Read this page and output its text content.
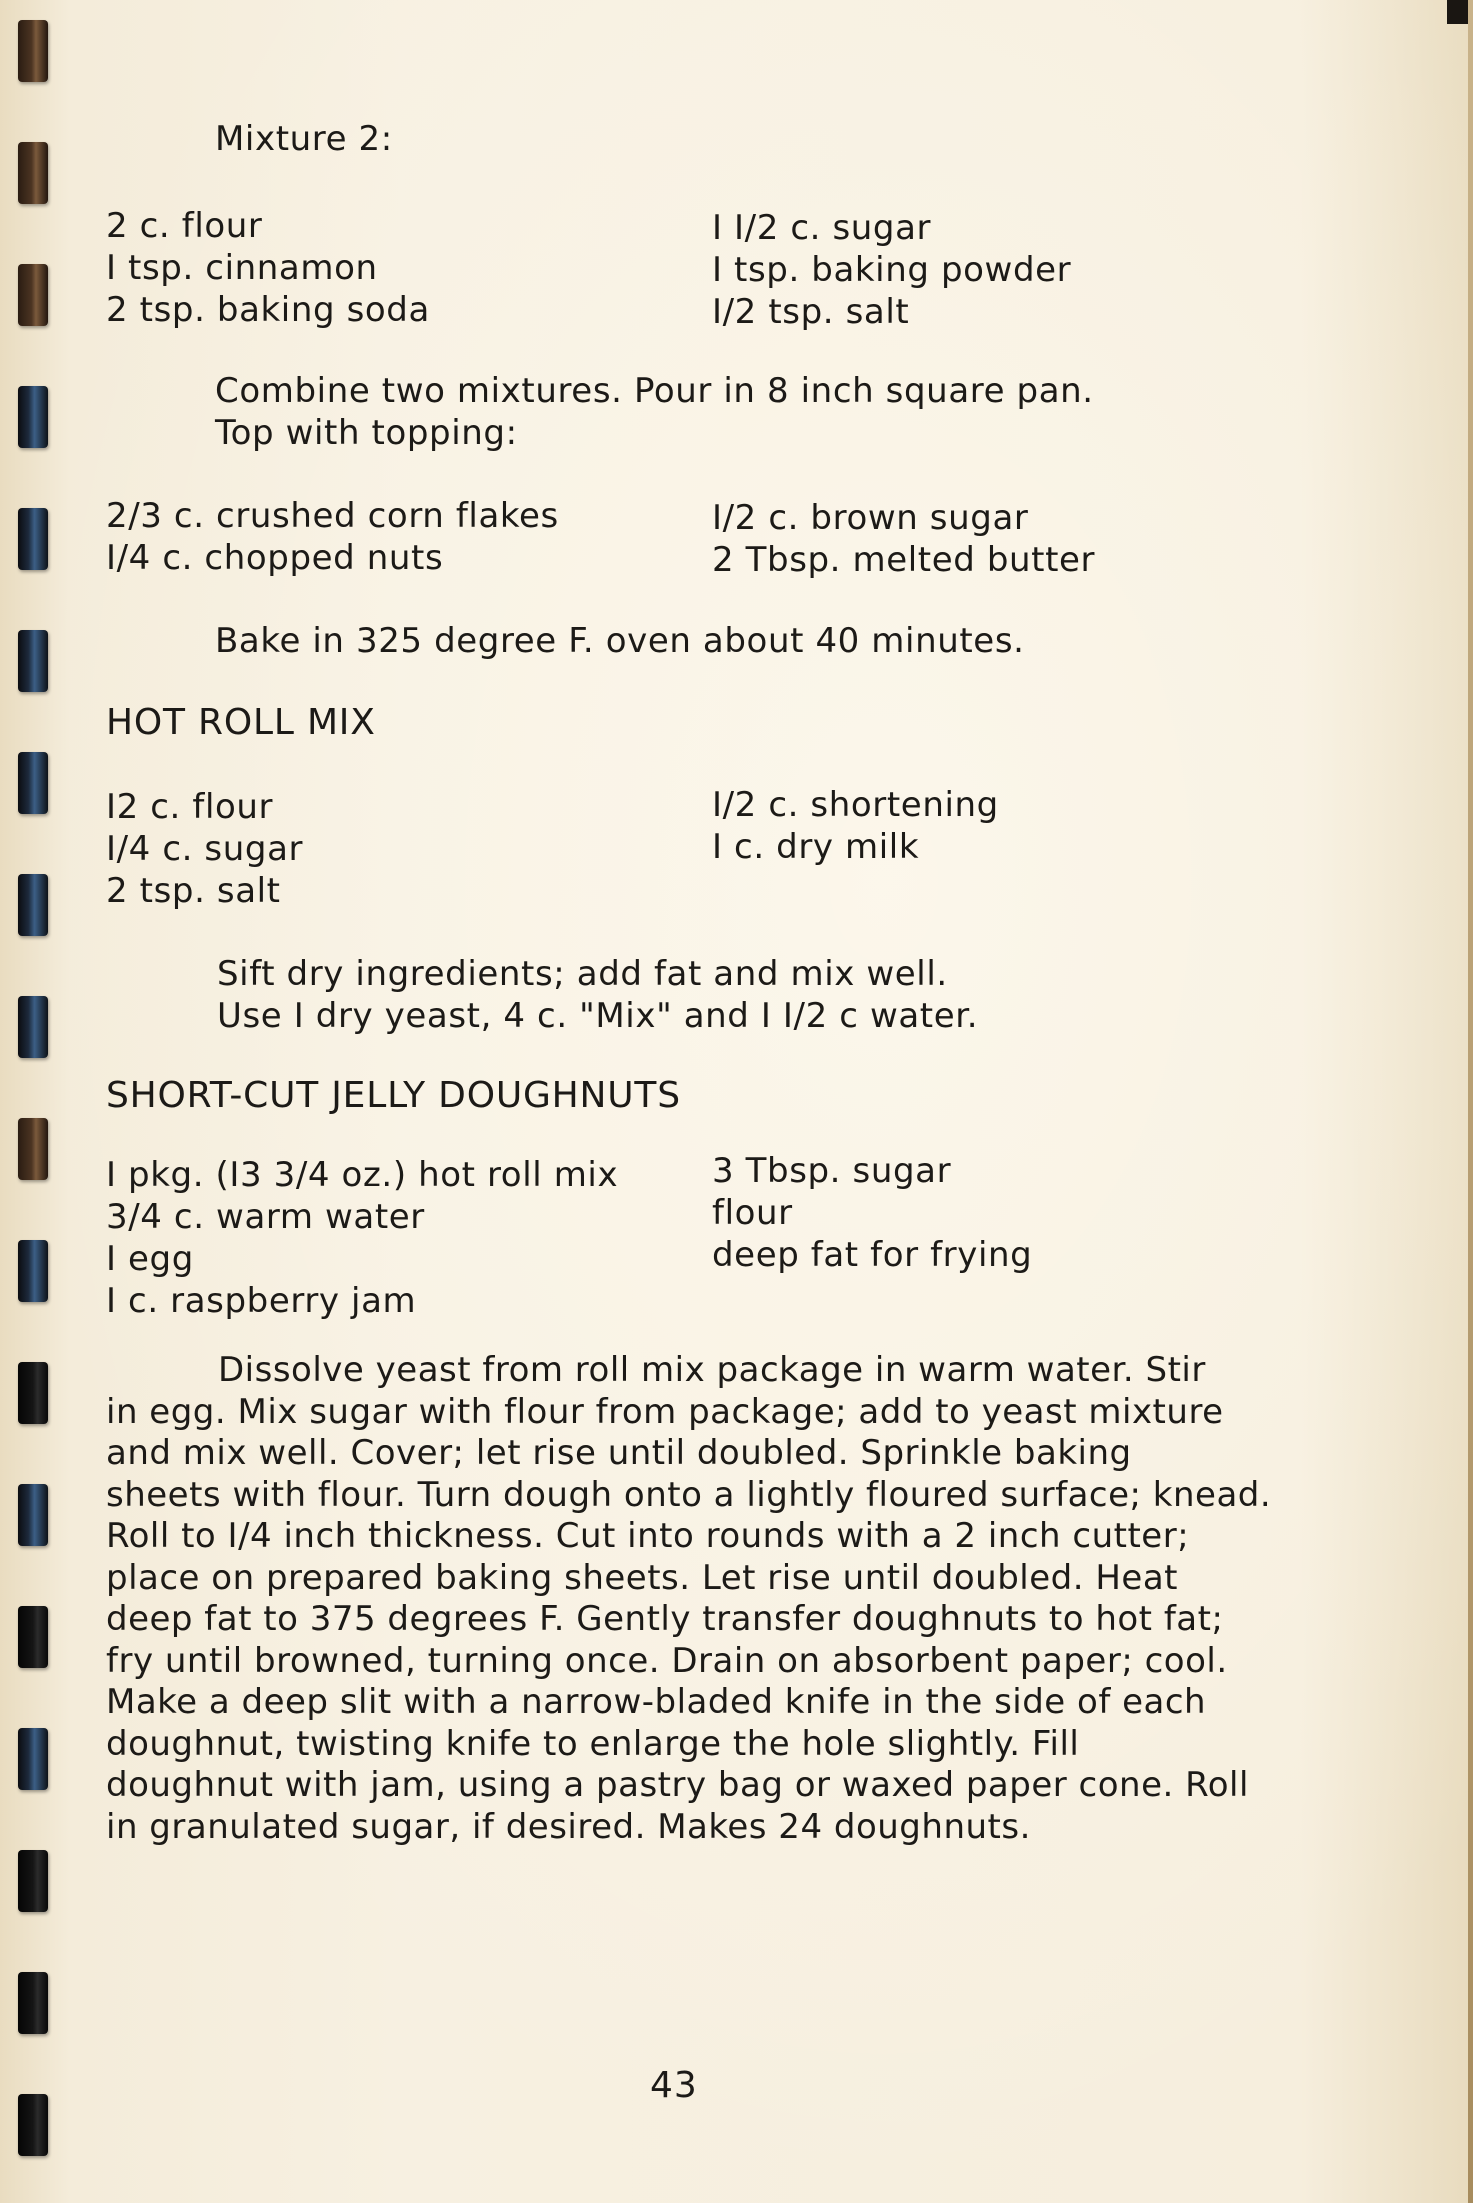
Mixture 2:
2 c. flour
I tsp. cinnamon
2 tsp. baking soda
I I/2 c. sugar
I tsp. baking powder
I/2 tsp. salt
Combine two mixtures. Pour in 8 inch square pan.
Top with topping:
2/3 c. crushed corn flakes
I/4 c. chopped nuts
I/2 c. brown sugar
2 Tbsp. melted butter
Bake in 325 degree F. oven about 40 minutes.
HOT ROLL MIX
I2 c. flour
I/4 c. sugar
2 tsp. salt
I/2 c. shortening
I c. dry milk
Sift dry ingredients; add fat and mix well.
Use I dry yeast, 4 c. "Mix" and I I/2 c water.
SHORT-CUT JELLY DOUGHNUTS
I pkg. (I3 3/4 oz.) hot roll mix
3/4 c. warm water
I egg
I c. raspberry jam
3 Tbsp. sugar
flour
deep fat for frying
Dissolve yeast from roll mix package in warm water. Stir
in egg. Mix sugar with flour from package; add to yeast mixture
and mix well. Cover; let rise until doubled. Sprinkle baking
sheets with flour. Turn dough onto a lightly floured surface; knead.
Roll to I/4 inch thickness. Cut into rounds with a 2 inch cutter;
place on prepared baking sheets. Let rise until doubled. Heat
deep fat to 375 degrees F. Gently transfer doughnuts to hot fat;
fry until browned, turning once. Drain on absorbent paper; cool.
Make a deep slit with a narrow-bladed knife in the side of each
doughnut, twisting knife to enlarge the hole slightly. Fill
doughnut with jam, using a pastry bag or waxed paper cone. Roll
in granulated sugar, if desired. Makes 24 doughnuts.
43
